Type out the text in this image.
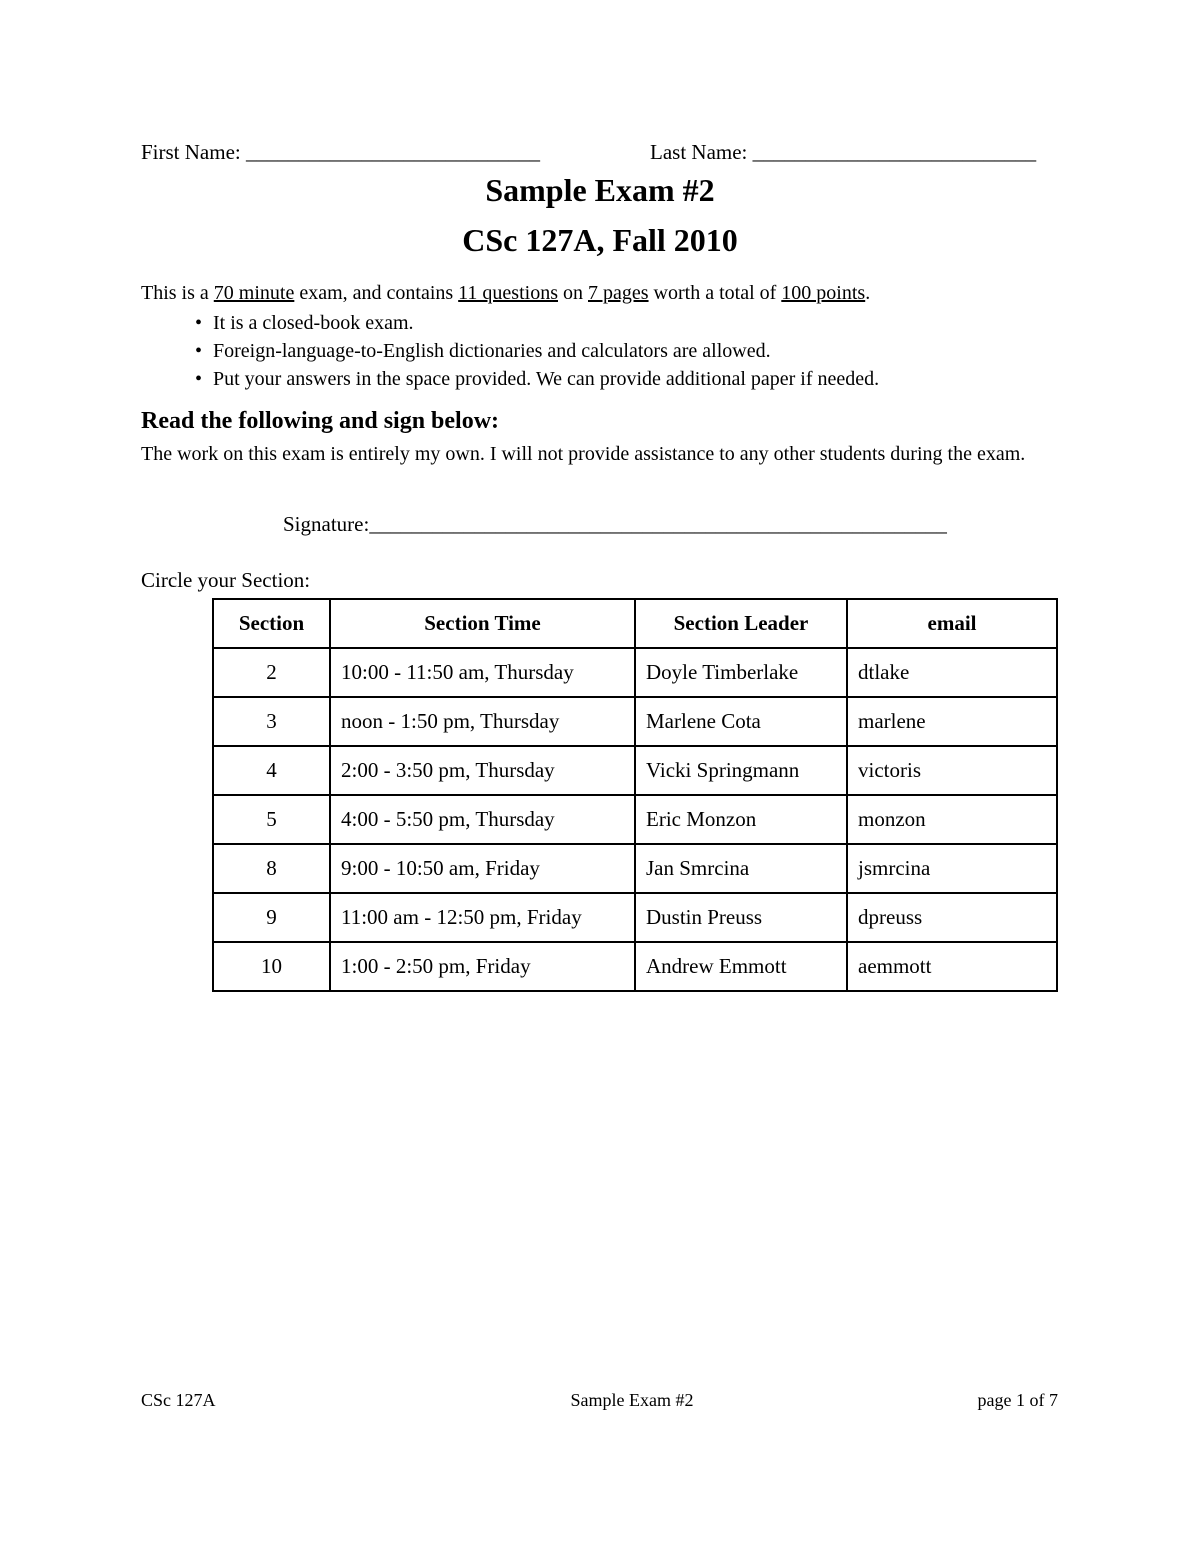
First Name: ____________________________	Last Name: ___________________________
Sample Exam #2
CSc 127A, Fall 2010
This is a 70 minute exam, and contains 11 questions on 7 pages worth a total of 100 points.
• It is a closed-book exam.
• Foreign-language-to-English dictionaries and calculators are allowed.
• Put your answers in the space provided. We can provide additional paper if needed.
Read the following and sign below:
The work on this exam is entirely my own. I will not provide assistance to any other students during the exam.
Signature:_______________________________________________________
Circle your Section:
Section	Section Time	Section Leader	email
2	10:00 - 11:50 am, Thursday	Doyle Timberlake	dtlake
3	noon - 1:50 pm, Thursday	Marlene Cota	marlene
4	2:00 - 3:50 pm, Thursday	Vicki Springmann	victoris
5	4:00 - 5:50 pm, Thursday	Eric Monzon	monzon
8	9:00 - 10:50 am, Friday	Jan Smrcina	jsmrcina
9	11:00 am - 12:50 pm, Friday	Dustin Preuss	dpreuss
10	1:00 - 2:50 pm, Friday	Andrew Emmott	aemmott
CSc 127A	Sample Exam #2	page 1 of 7
